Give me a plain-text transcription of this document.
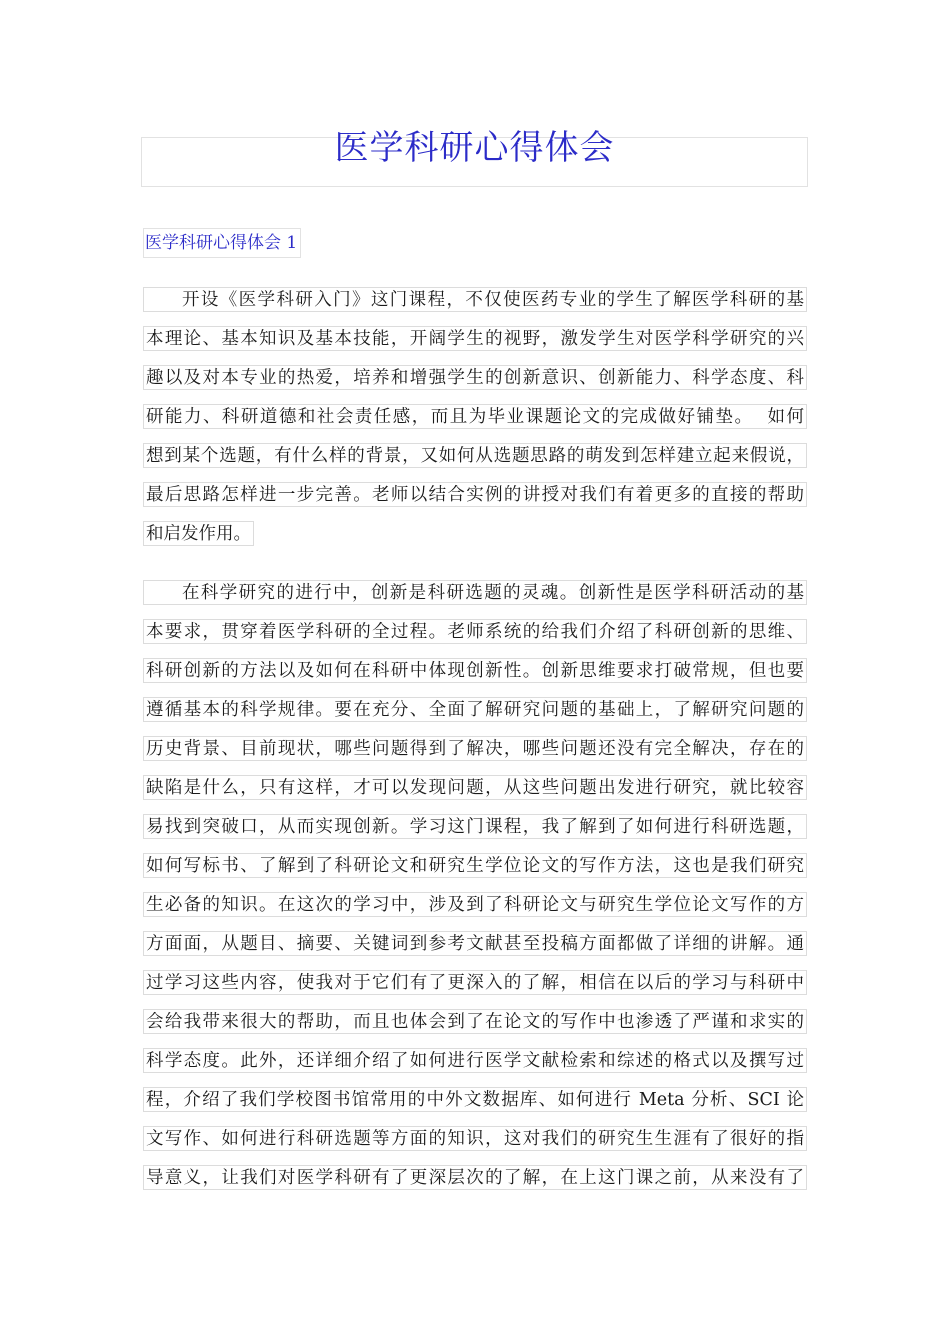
医学科研心得体会
医学科研心得体会 1
开设《医学科研入门》这门课程，不仅使医药专业的学生了解医学科研的基
本理论、基本知识及基本技能，开阔学生的视野，激发学生对医学科学研究的兴
趣以及对本专业的热爱，培养和增强学生的创新意识、创新能力、科学态度、科
研能力、科研道德和社会责任感，而且为毕业课题论文的完成做好铺垫。  如何
想到某个选题，有什么样的背景，又如何从选题思路的萌发到怎样建立起来假说，
最后思路怎样进一步完善。老师以结合实例的讲授对我们有着更多的直接的帮助
和启发作用。
在科学研究的进行中，创新是科研选题的灵魂。创新性是医学科研活动的基
本要求，贯穿着医学科研的全过程。老师系统的给我们介绍了科研创新的思维、
科研创新的方法以及如何在科研中体现创新性。创新思维要求打破常规，但也要
遵循基本的科学规律。要在充分、全面了解研究问题的基础上，了解研究问题的
历史背景、目前现状，哪些问题得到了解决，哪些问题还没有完全解决，存在的
缺陷是什么，只有这样，才可以发现问题，从这些问题出发进行研究，就比较容
易找到突破口，从而实现创新。学习这门课程，我了解到了如何进行科研选题，
如何写标书、了解到了科研论文和研究生学位论文的写作方法，这也是我们研究
生必备的知识。在这次的学习中，涉及到了科研论文与研究生学位论文写作的方
方面面，从题目、摘要、关键词到参考文献甚至投稿方面都做了详细的讲解。通
过学习这些内容，使我对于它们有了更深入的了解，相信在以后的学习与科研中
会给我带来很大的帮助，而且也体会到了在论文的写作中也渗透了严谨和求实的
科学态度。此外，还详细介绍了如何进行医学文献检索和综述的格式以及撰写过
程，介绍了我们学校图书馆常用的中外文数据库、如何进行 Meta 分析、SCI 论
文写作、如何进行科研选题等方面的知识，这对我们的研究生生涯有了很好的指
导意义，让我们对医学科研有了更深层次的了解，在上这门课之前，从来没有了
